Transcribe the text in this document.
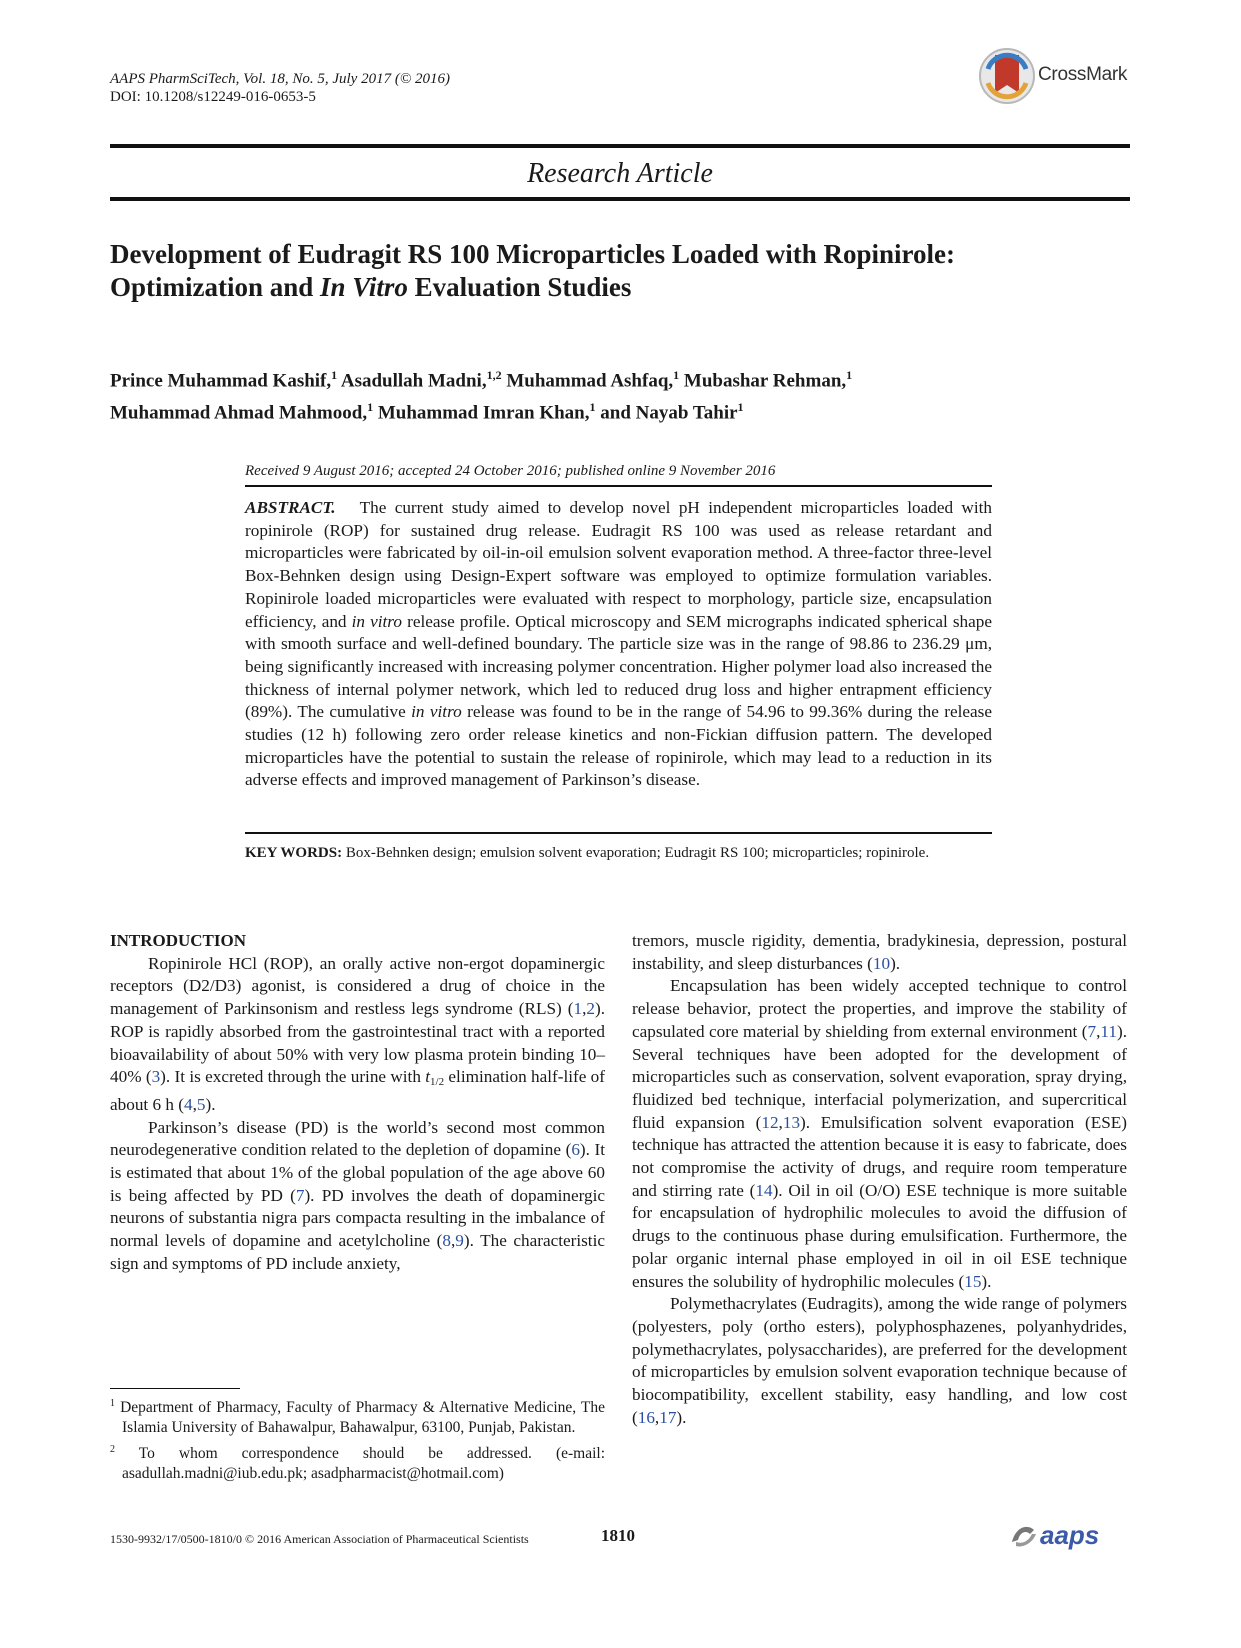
AAPS PharmSciTech, Vol. 18, No. 5, July 2017 (© 2016)
DOI: 10.1208/s12249-016-0653-5
CrossMark
Research Article
Development of Eudragit RS 100 Microparticles Loaded with Ropinirole:
Optimization and In Vitro Evaluation Studies
Prince Muhammad Kashif,$^1$ Asadullah Madni,$^{1,2}$ Muhammad Ashfaq,$^1$ Mubashar Rehman,$^1$
Muhammad Ahmad Mahmood,$^1$ Muhammad Imran Khan,$^1$ and Nayab Tahir$^1$
Received 9 August 2016; accepted 24 October 2016; published online 9 November 2016
ABSTRACT. The current study aimed to develop novel pH independent microparticles loaded with ropinirole (ROP) for sustained drug release. Eudragit RS 100 was used as release retardant and microparticles were fabricated by oil-in-oil emulsion solvent evaporation method. A three-factor three-level Box-Behnken design using Design-Expert software was employed to optimize formulation variables. Ropinirole loaded microparticles were evaluated with respect to morphology, particle size, encapsulation efficiency, and in vitro release profile. Optical microscopy and SEM micrographs indicated spherical shape with smooth surface and well-defined boundary. The particle size was in the range of 98.86 to 236.29 μm, being significantly increased with increasing polymer concentration. Higher polymer load also increased the thickness of internal polymer network, which led to reduced drug loss and higher entrapment efficiency (89%). The cumulative in vitro release was found to be in the range of 54.96 to 99.36% during the release studies (12 h) following zero order release kinetics and non-Fickian diffusion pattern. The developed microparticles have the potential to sustain the release of ropinirole, which may lead to a reduction in its adverse effects and improved management of Parkinson’s disease.
KEY WORDS: Box-Behnken design; emulsion solvent evaporation; Eudragit RS 100; microparticles; ropinirole.

INTRODUCTION

Ropinirole HCl (ROP), an orally active non-ergot dopaminergic receptors (D2/D3) agonist, is considered a drug of choice in the management of Parkinsonism and restless legs syndrome (RLS) (1,2). ROP is rapidly absorbed from the gastrointestinal tract with a reported bioavailability of about 50% with very low plasma protein binding 10–40% (3). It is excreted through the urine with $t_{1/2}$ elimination half-life of about 6 h (4,5).

Parkinson’s disease (PD) is the world’s second most common neurodegenerative condition related to the depletion of dopamine (6). It is estimated that about 1% of the global population of the age above 60 is being affected by PD (7). PD involves the death of dopaminergic neurons of substantia nigra pars compacta resulting in the imbalance of normal levels of dopamine and acetylcholine (8,9). The characteristic sign and symptoms of PD include anxiety,

tremors, muscle rigidity, dementia, bradykinesia, depression, postural instability, and sleep disturbances (10).

Encapsulation has been widely accepted technique to control release behavior, protect the properties, and improve the stability of capsulated core material by shielding from external environment (7,11). Several techniques have been adopted for the development of microparticles such as conservation, solvent evaporation, spray drying, fluidized bed technique, interfacial polymerization, and supercritical fluid expansion (12,13). Emulsification solvent evaporation (ESE) technique has attracted the attention because it is easy to fabricate, does not compromise the activity of drugs, and require room temperature and stirring rate (14). Oil in oil (O/O) ESE technique is more suitable for encapsulation of hydrophilic molecules to avoid the diffusion of drugs to the continuous phase during emulsification. Furthermore, the polar organic internal phase employed in oil in oil ESE technique ensures the solubility of hydrophilic molecules (15).

Polymethacrylates (Eudragits), among the wide range of polymers (polyesters, poly (ortho esters), polyphosphazenes, polyanhydrides, polymethacrylates, polysaccharides), are preferred for the development of microparticles by emulsion solvent evaporation technique because of biocompatibility, excellent stability, easy handling, and low cost (16,17).

$^1$ Department of Pharmacy, Faculty of Pharmacy & Alternative Medicine, The Islamia University of Bahawalpur, Bahawalpur, 63100, Punjab, Pakistan.

$^2$ To whom correspondence should be addressed. (e-mail: asadullah.madni@iub.edu.pk; asadpharmacist@hotmail.com)

1530-9932/17/0500-1810/0 © 2016 American Association of Pharmaceutical Scientists	1810	aaps
